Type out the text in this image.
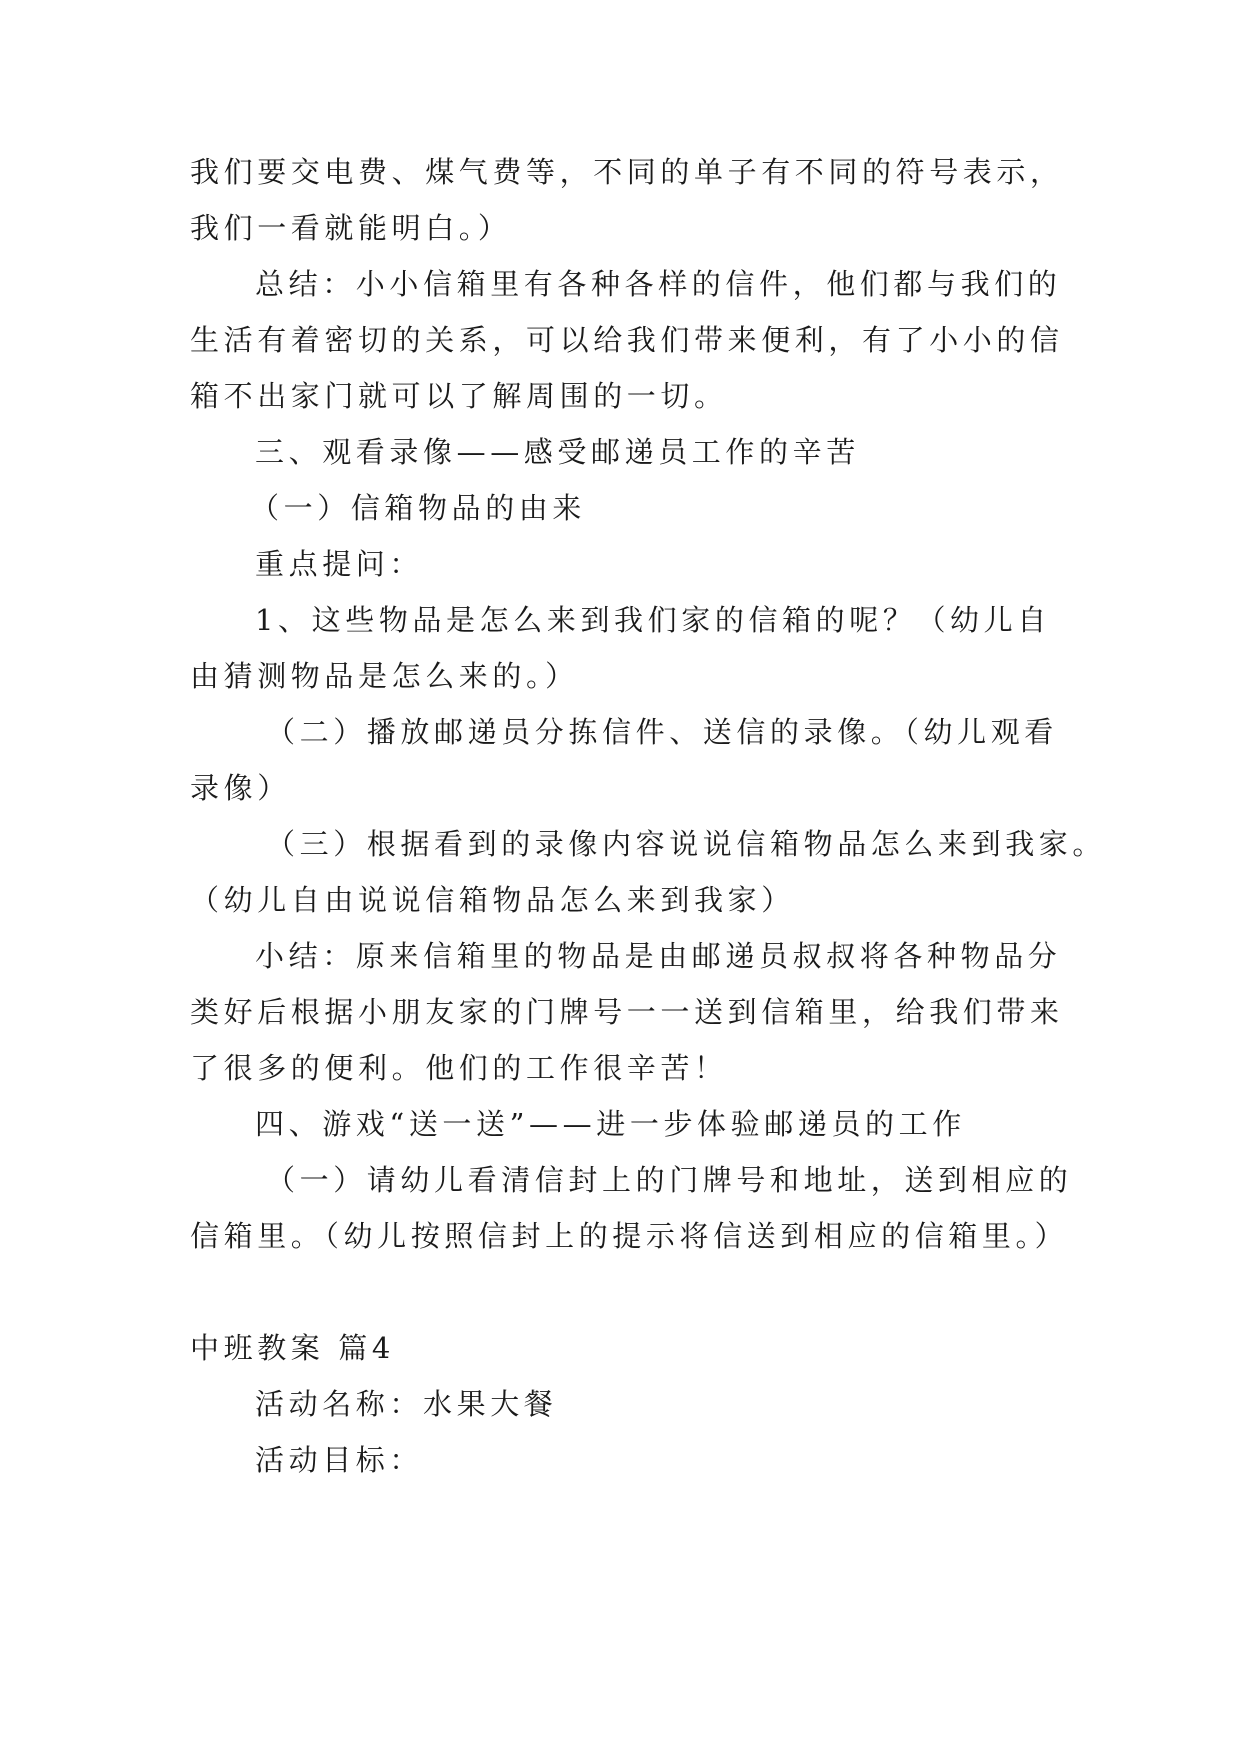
我们要交电费、煤气费等，不同的单子有不同的符号表示，
我们一看就能明白。）
总结：小小信箱里有各种各样的信件，他们都与我们的
生活有着密切的关系，可以给我们带来便利，有了小小的信
箱不出家门就可以了解周围的一切。
三、观看录像——感受邮递员工作的辛苦
（一）信箱物品的由来
重点提问：
1、这些物品是怎么来到我们家的信箱的呢？（幼儿自
由猜测物品是怎么来的。）
（二）播放邮递员分拣信件、送信的录像。（幼儿观看
录像）
（三）根据看到的录像内容说说信箱物品怎么来到我家。
（幼儿自由说说信箱物品怎么来到我家）
小结：原来信箱里的物品是由邮递员叔叔将各种物品分
类好后根据小朋友家的门牌号一一送到信箱里，给我们带来
了很多的便利。他们的工作很辛苦！
四、游戏“送一送”——进一步体验邮递员的工作
（一）请幼儿看清信封上的门牌号和地址，送到相应的
信箱里。（幼儿按照信封上的提示将信送到相应的信箱里。）
中班教案 篇4
活动名称：水果大餐
活动目标：
